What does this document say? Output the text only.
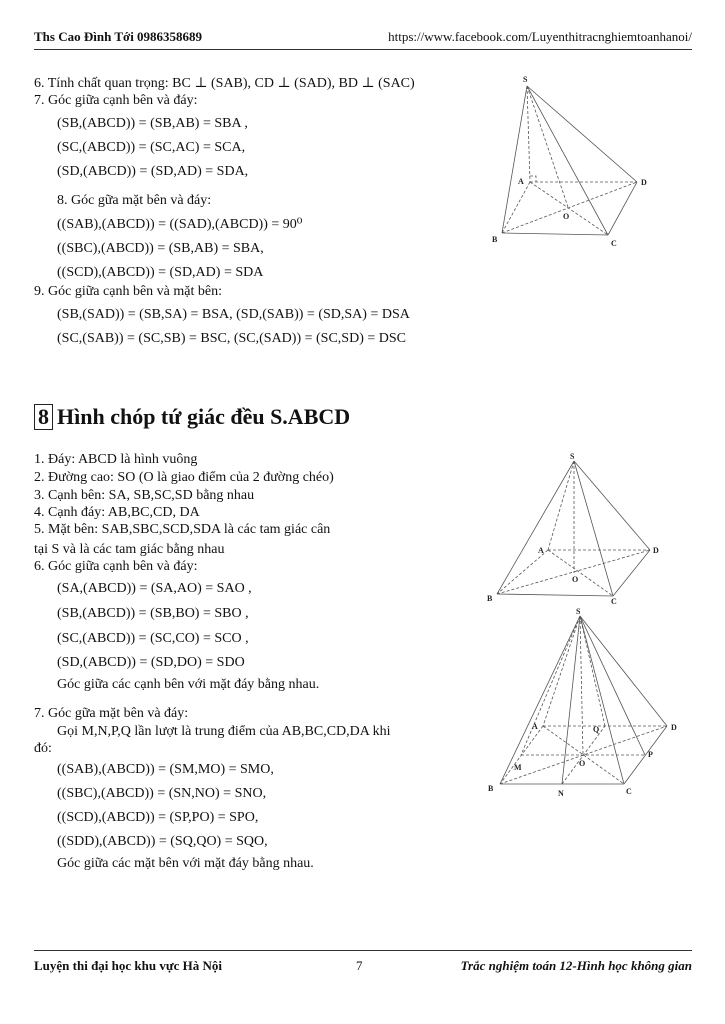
Ths Cao Đình Tới 0986358689	https://www.facebook.com/Luyenthitracnghiemtoanhanoi/
6. Tính chất quan trọng: BC ⊥ (SAB), CD ⊥ (SAD), BD ⊥ (SAC)
7. Góc giữa cạnh bên và đáy:
(SB,(ABCD)) = (SB,AB) = SBA ,
(SC,(ABCD)) = (SC,AC) = SCA,
(SD,(ABCD)) = (SD,AD) = SDA,
8. Góc gữa mặt bên và đáy:
((SAB),(ABCD)) = ((SAD),(ABCD)) = 90⁰
((SBC),(ABCD)) = (SB,AB) = SBA,
((SCD),(ABCD)) = (SD,AD) = SDA
9. Góc giữa cạnh bên và mặt bên:
(SB,(SAD)) = (SB,SA) = BSA, (SD,(SAB)) = (SD,SA) = DSA
(SC,(SAB)) = (SC,SB) = BSC, (SC,(SAD)) = (SC,SD) = DSC
S
A
B	C
D
O
8 Hình chóp tứ giác đều S.ABCD
1. Đáy: ABCD là hình vuông
2. Đường cao: SO (O là giao điểm của 2 đường chéo)
3. Cạnh bên: SA, SB,SC,SD bằng nhau
4. Cạnh đáy: AB,BC,CD, DA
5. Mặt bên: SAB,SBC,SCD,SDA là các tam giác cân
tại S và là các tam giác bằng nhau
6. Góc giữa cạnh bên và đáy:
(SA,(ABCD)) = (SA,AO) = SAO ,
(SB,(ABCD)) = (SB,BO) = SBO ,
(SC,(ABCD)) = (SC,CO) = SCO ,
(SD,(ABCD)) = (SD,DO) = SDO
Góc giữa các cạnh bên với mặt đáy bằng nhau.
7. Góc gữa mặt bên và đáy:
Gọi M,N,P,Q lần lượt là trung điểm của AB,BC,CD,DA khi
đó:
((SAB),(ABCD)) = (SM,MO) = SMO,
((SBC),(ABCD)) = (SN,NO) = SNO,
((SCD),(ABCD)) = (SP,PO) = SPO,
((SDD),(ABCD)) = (SQ,QO) = SQO,
Góc giữa các mặt bên với mặt đáy bằng nhau.
S
A
B	C
D
O
S
A
B	C
D
O
M
N
P
Q
Luyện thi đại học khu vực Hà Nội	7	Trắc nghiệm toán 12-Hình học không gian
